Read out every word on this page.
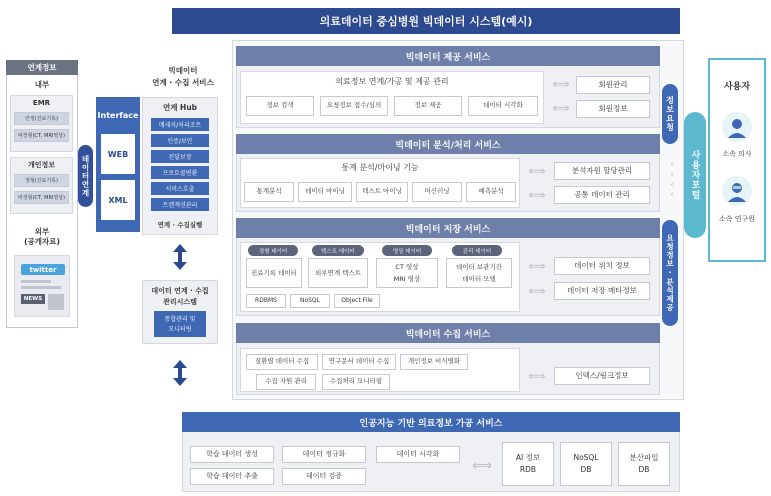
의료데이터 중심병원 빅데이터 시스템(예시)
연계정보
내부
EMR
안정(진료기록)
비정형(CT, MRI영상)
개인정보
정형(진료기록)
비정형(CT, MRI영상)
외부
(공개자료)
twitter
NEWS
데이터연계
Interface
WEB
XML
빅데이터
연계 · 수집 서비스
연계 Hub
메세지/처리조트
인증/보안
전달보장
프로토콜변환
서비스호출
트랜잭션관리
연계 · 수집실행
데이터 연계 · 수집
관리시스템
통합관리 및
모니터링
빅데이터 제공 서비스
의료정보 연계/가공 및 제공 관리
정보 검색	요청정보 접수/심의	정보 제공	데이터 시각화
⟺
⟺
회원관리
회원정보
빅데이터 분석/처리 서비스
통계 분석/마이닝 기능
통계분석	데이터 마이닝	텍스트 마이닝	머신러닝	예측분석
⟺
⟺
분석자원 할당관리
공통 데이터 관리
빅데이터 저장 서비스
정형 데이터
진료기록 데이터
텍스트 데이터
외부연계 텍스트
영상 데이터
CT 영상
MRI 영상
관리 데이터
데이터 보관기간
데이터 모델
RDBMS	NoSQL	Object File
⟺
⟺
데이터 위치 정보
데이터 저장 메타정보
빅데이터 수집 서비스
질환별 데이터 수집	연구문서 데이터 수집	개인정보 비식별화
수집 자원 관리	수집처리 모니터링	⟺	인덱스/링크정보
정보요청
요청정보·분석제공
‹
‹
‹
‹ 사용자포털
사용자
소속 의사
소속 연구원
인공지능 기반 의료정보 가공 서비스
학습 데이터 생성	데이터 정규화	데이터 시각화
학습 데이터 추출	데이터 검증
⟺
AI 정보
RDB
NoSQL
DB
분산파일
DB
